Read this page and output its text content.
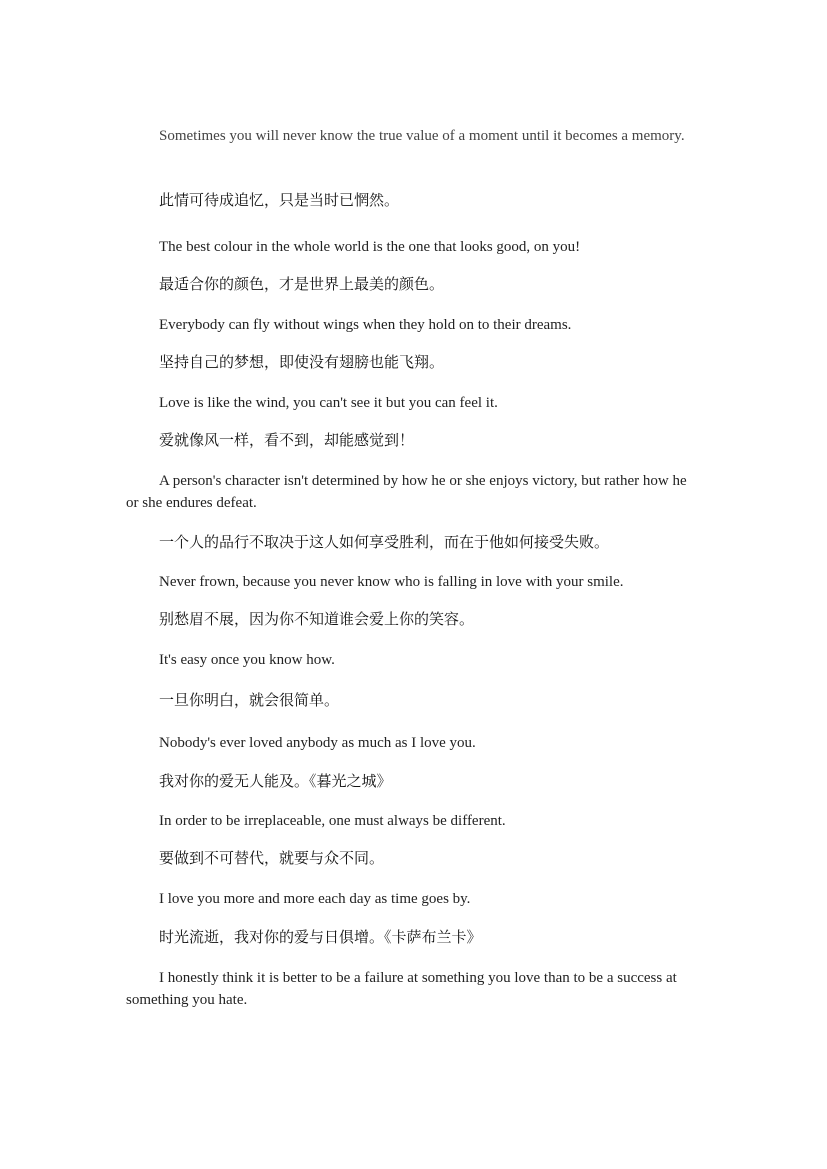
Sometimes you will never know the true value of a moment until it becomes a memory.

此情可待成追忆，只是当时已惘然。

The best colour in the whole world is the one that looks good, on you!

最适合你的颜色，才是世界上最美的颜色。

Everybody can fly without wings when they hold on to their dreams.

坚持自己的梦想，即使没有翅膀也能飞翔。

Love is like the wind, you can't see it but you can feel it.

爱就像风一样，看不到，却能感觉到！

A person's character isn't determined by how he or she enjoys victory, but rather how he or she endures defeat.

一个人的品行不取决于这人如何享受胜利，而在于他如何接受失败。

Never frown, because you never know who is falling in love with your smile.

别愁眉不展，因为你不知道谁会爱上你的笑容。

It's easy once you know how.

一旦你明白，就会很简单。

Nobody's ever loved anybody as much as I love you.

我对你的爱无人能及。《暮光之城》

In order to be irreplaceable, one must always be different.

要做到不可替代，就要与众不同。

I love you more and more each day as time goes by.

时光流逝，我对你的爱与日俱增。《卡萨布兰卡》

I honestly think it is better to be a failure at something you love than to be a success at something you hate.
